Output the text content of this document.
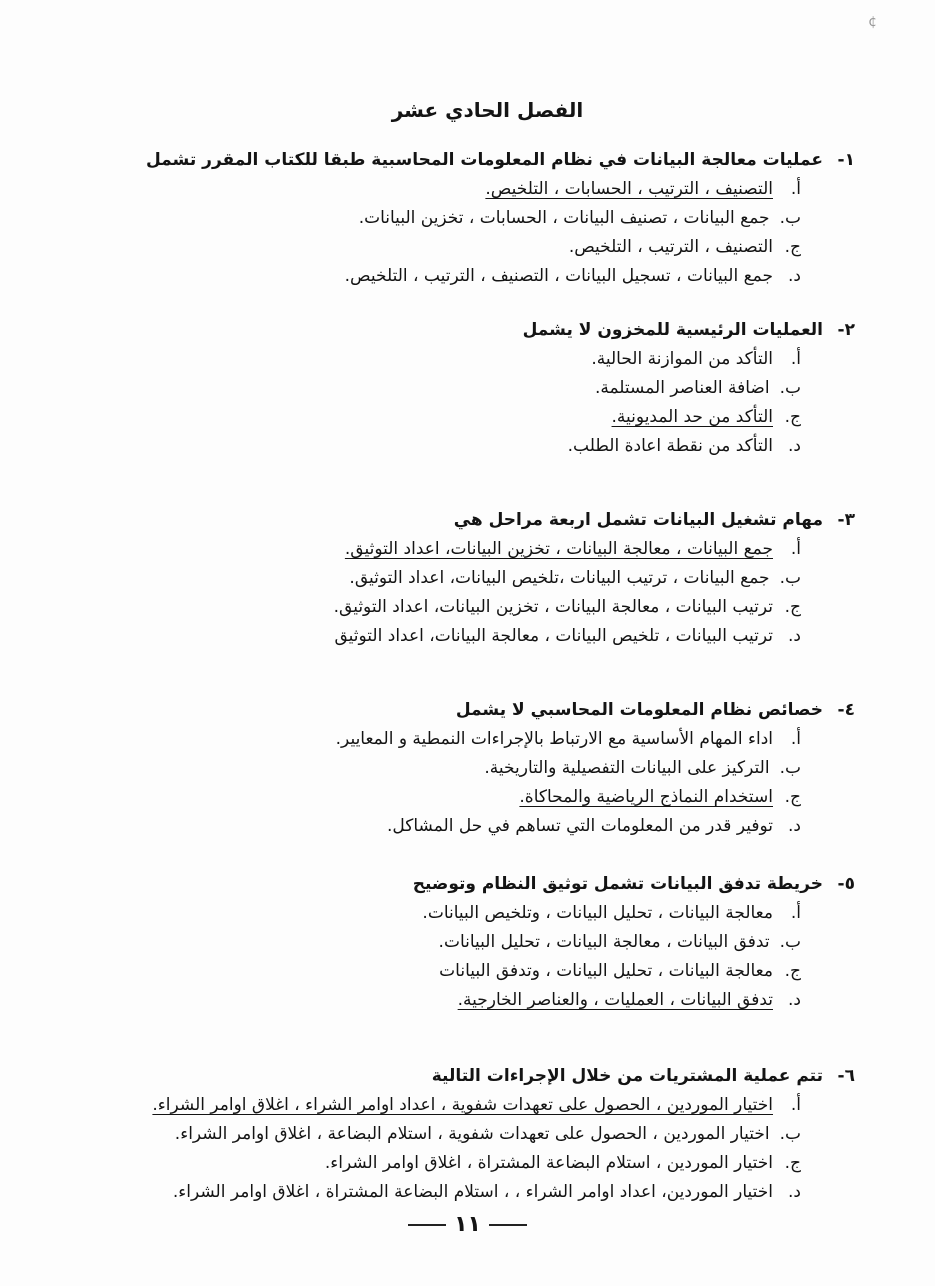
¢
الفصل الحادي عشر
١-
عمليات معالجة البيانات في نظام المعلومات المحاسبية طبقا للكتاب المقرر تشمل
أ.
التصنيف ، الترتيب ، الحسابات ، التلخيص.
ب.
جمع البيانات ، تصنيف البيانات ، الحسابات ، تخزين البيانات.
ج.
التصنيف ، الترتيب ، التلخيص.
د.
جمع البيانات ، تسجيل البيانات ، التصنيف ، الترتيب ، التلخيص.
٢-
العمليات الرئيسية للمخزون لا يشمل
أ.
التأكد من الموازنة الحالية.
ب.
اضافة العناصر المستلمة.
ج.
التأكد من حد المديونية.
د.
التأكد من نقطة اعادة الطلب.
٣-
مهام تشغيل البيانات تشمل اربعة مراحل هي
أ.
جمع البيانات ، معالجة البيانات ، تخزين البيانات، اعداد التوثيق.
ب.
جمع البيانات ، ترتيب البيانات ،تلخيص البيانات، اعداد التوثيق.
ج.
ترتيب البيانات ، معالجة البيانات ، تخزين البيانات، اعداد التوثيق.
د.
ترتيب البيانات ، تلخيص البيانات ، معالجة البيانات، اعداد التوثيق
٤-
خصائص نظام المعلومات المحاسبي لا يشمل
أ.
اداء المهام الأساسية مع الارتباط بالإجراءات النمطية و المعايير.
ب.
التركيز على البيانات التفصيلية والتاريخية.
ج.
استخدام النماذج الرياضية والمحاكاة.
د.
توفير قدر من المعلومات التي تساهم في حل المشاكل.
٥-
خريطة تدفق البيانات تشمل توثيق النظام وتوضيح
أ.
معالجة البيانات ، تحليل البيانات ، وتلخيص البيانات.
ب.
تدفق البيانات ، معالجة البيانات ، تحليل البيانات.
ج.
معالجة البيانات ، تحليل البيانات ، وتدفق البيانات
د.
تدفق البيانات ، العمليات ، والعناصر الخارجية.
٦-
تتم عملية المشتريات من خلال الإجراءات التالية
أ.
اختيار الموردين ، الحصول على تعهدات شفوية ، اعداد اوامر الشراء ، اغلاق اوامر الشراء.
ب.
اختيار الموردين ، الحصول على تعهدات شفوية ، استلام البضاعة ، اغلاق اوامر الشراء.
ج.
اختيار الموردين ، استلام البضاعة المشتراة ، اغلاق اوامر الشراء.
د.
اختيار الموردين، اعداد اوامر الشراء ، ، استلام البضاعة المشتراة ، اغلاق اوامر الشراء.
١١
